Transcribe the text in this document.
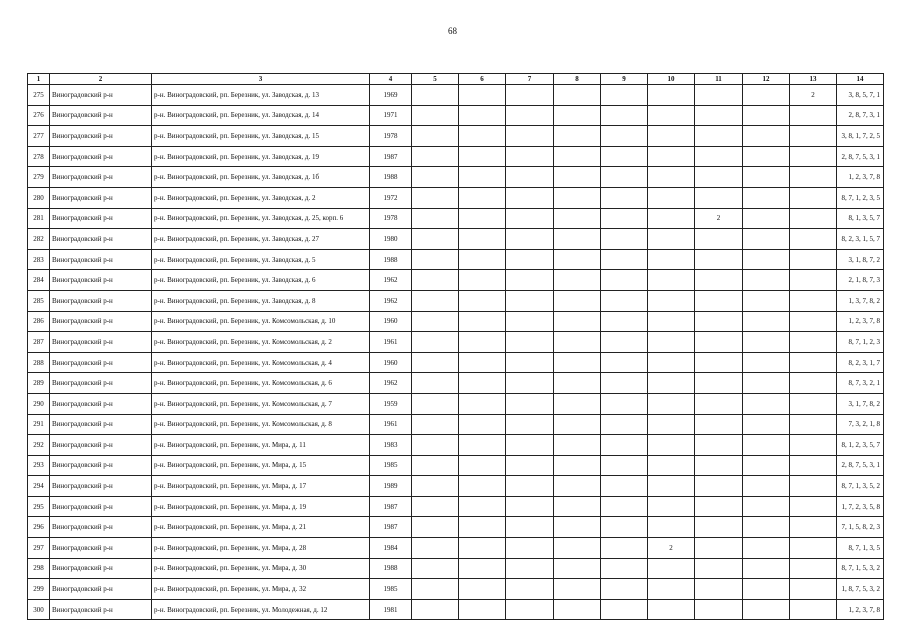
68
1	2	3	4	5	6	7	8	9	10	11	12	13	14
275	Виноградовский р-н	р-н. Виноградовский, рп. Березник, ул. Заводская, д. 13	1969									2	3, 8, 5, 7, 1
276	Виноградовский р-н	р-н. Виноградовский, рп. Березник, ул. Заводская, д. 14	1971										2, 8, 7, 3, 1
277	Виноградовский р-н	р-н. Виноградовский, рп. Березник, ул. Заводская, д. 15	1978										3, 8, 1, 7, 2, 5
278	Виноградовский р-н	р-н. Виноградовский, рп. Березник, ул. Заводская, д. 19	1987										2, 8, 7, 5, 3, 1
279	Виноградовский р-н	р-н. Виноградовский, рп. Березник, ул. Заводская, д. 1б	1988										1, 2, 3, 7, 8
280	Виноградовский р-н	р-н. Виноградовский, рп. Березник, ул. Заводская, д. 2	1972										8, 7, 1, 2, 3, 5
281	Виноградовский р-н	р-н. Виноградовский, рп. Березник, ул. Заводская, д. 25, корп. 6	1978							2			8, 1, 3, 5, 7
282	Виноградовский р-н	р-н. Виноградовский, рп. Березник, ул. Заводская, д. 27	1980										8, 2, 3, 1, 5, 7
283	Виноградовский р-н	р-н. Виноградовский, рп. Березник, ул. Заводская, д. 5	1988										3, 1, 8, 7, 2
284	Виноградовский р-н	р-н. Виноградовский, рп. Березник, ул. Заводская, д. 6	1962										2, 1, 8, 7, 3
285	Виноградовский р-н	р-н. Виноградовский, рп. Березник, ул. Заводская, д. 8	1962										1, 3, 7, 8, 2
286	Виноградовский р-н	р-н. Виноградовский, рп. Березник, ул. Комсомольская, д. 10	1960										1, 2, 3, 7, 8
287	Виноградовский р-н	р-н. Виноградовский, рп. Березник, ул. Комсомольская, д. 2	1961										8, 7, 1, 2, 3
288	Виноградовский р-н	р-н. Виноградовский, рп. Березник, ул. Комсомольская, д. 4	1960										8, 2, 3, 1, 7
289	Виноградовский р-н	р-н. Виноградовский, рп. Березник, ул. Комсомольская, д. 6	1962										8, 7, 3, 2, 1
290	Виноградовский р-н	р-н. Виноградовский, рп. Березник, ул. Комсомольская, д. 7	1959										3, 1, 7, 8, 2
291	Виноградовский р-н	р-н. Виноградовский, рп. Березник, ул. Комсомольская, д. 8	1961										7, 3, 2, 1, 8
292	Виноградовский р-н	р-н. Виноградовский, рп. Березник, ул. Мира, д. 11	1983										8, 1, 2, 3, 5, 7
293	Виноградовский р-н	р-н. Виноградовский, рп. Березник, ул. Мира, д. 15	1985										2, 8, 7, 5, 3, 1
294	Виноградовский р-н	р-н. Виноградовский, рп. Березник, ул. Мира, д. 17	1989										8, 7, 1, 3, 5, 2
295	Виноградовский р-н	р-н. Виноградовский, рп. Березник, ул. Мира, д. 19	1987										1, 7, 2, 3, 5, 8
296	Виноградовский р-н	р-н. Виноградовский, рп. Березник, ул. Мира, д. 21	1987										7, 1, 5, 8, 2, 3
297	Виноградовский р-н	р-н. Виноградовский, рп. Березник, ул. Мира, д. 28	1984						2				8, 7, 1, 3, 5
298	Виноградовский р-н	р-н. Виноградовский, рп. Березник, ул. Мира, д. 30	1988										8, 7, 1, 5, 3, 2
299	Виноградовский р-н	р-н. Виноградовский, рп. Березник, ул. Мира, д. 32	1985										1, 8, 7, 5, 3, 2
300	Виноградовский р-н	р-н. Виноградовский, рп. Березник, ул. Молодежная, д. 12	1981										1, 2, 3, 7, 8
